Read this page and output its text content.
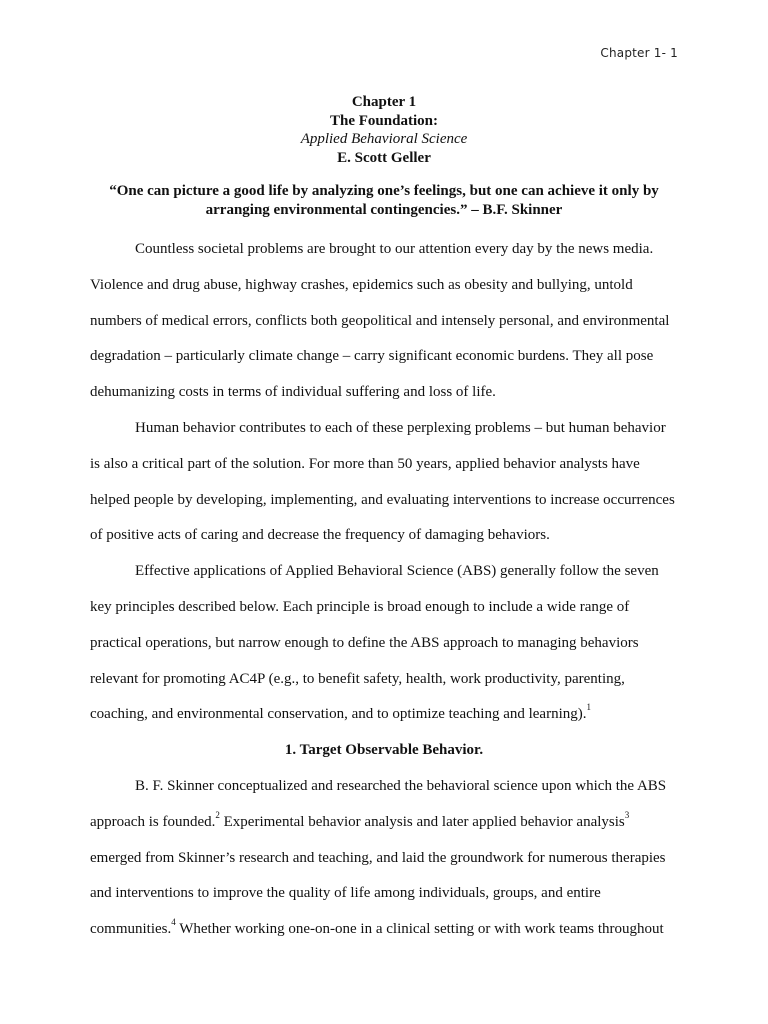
Chapter 1- 1
Chapter 1
The Foundation:
Applied Behavioral Science
E. Scott Geller
“One can picture a good life by analyzing one’s feelings, but one can achieve it only by
arranging environmental contingencies.” – B.F. Skinner
Countless societal problems are brought to our attention every day by the news media.
Violence and drug abuse, highway crashes, epidemics such as obesity and bullying, untold
numbers of medical errors, conflicts both geopolitical and intensely personal, and environmental
degradation – particularly climate change – carry significant economic burdens. They all pose
dehumanizing costs in terms of individual suffering and loss of life.
Human behavior contributes to each of these perplexing problems – but human behavior
is also a critical part of the solution. For more than 50 years, applied behavior analysts have
helped people by developing, implementing, and evaluating interventions to increase occurrences
of positive acts of caring and decrease the frequency of damaging behaviors.
Effective applications of Applied Behavioral Science (ABS) generally follow the seven
key principles described below. Each principle is broad enough to include a wide range of
practical operations, but narrow enough to define the ABS approach to managing behaviors
relevant for promoting AC4P (e.g., to benefit safety, health, work productivity, parenting,
coaching, and environmental conservation, and to optimize teaching and learning).$^1$
1. Target Observable Behavior.
B. F. Skinner conceptualized and researched the behavioral science upon which the ABS
approach is founded.$^2$ Experimental behavior analysis and later applied behavior analysis$^3$
emerged from Skinner’s research and teaching, and laid the groundwork for numerous therapies
and interventions to improve the quality of life among individuals, groups, and entire
communities.$^4$ Whether working one-on-one in a clinical setting or with work teams throughout
